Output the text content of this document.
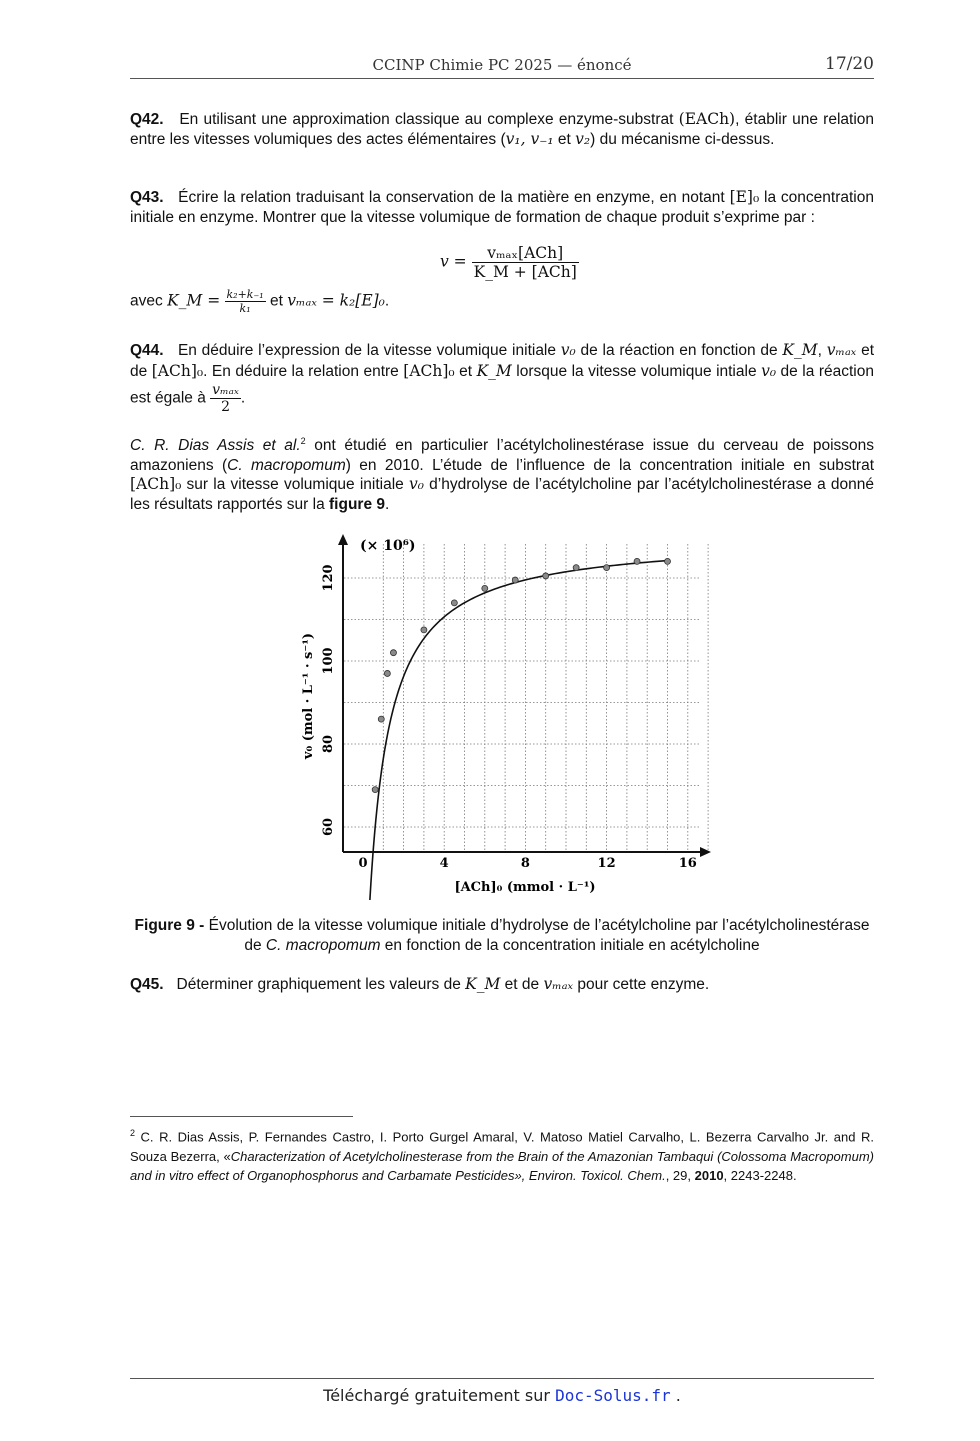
CCINP Chimie PC 2025 — énoncé	17/20
Q42. En utilisant une approximation classique au complexe enzyme-substrat (EACh), établir une relation entre les vitesses volumiques des actes élémentaires (v₁, v₋₁ et v₂) du mécanisme ci-dessus.
Q43. Écrire la relation traduisant la conservation de la matière en enzyme, en notant [E]₀ la concentration initiale en enzyme. Montrer que la vitesse volumique de formation de chaque produit s’exprime par :
$v = \frac{\text{vₘₐₓ[ACh]}}{\text{K\_M + [ACh]}}$
avec K_M = $\frac{\text{k₂+k₋₁}}{\text{k₁}}$ et vₘₐₓ = k₂[E]₀.
Q44. En déduire l’expression de la vitesse volumique initiale v₀ de la réaction en fonction de K_M, vₘₐₓ et de [ACh]₀. En déduire la relation entre [ACh]₀ et K_M lorsque la vitesse volumique intiale v₀ de la réaction est égale à $\frac{\text{vₘₐₓ}}{2}$ .
C. R. Dias Assis et al.$^2$ ont étudié en particulier l’acétylcholinestérase issue du cerveau de poissons amazoniens (C. macropomum) en 2010. L’étude de l’influence de la concentration initiale en substrat [ACh]₀ sur la vitesse volumique initiale v₀ d’hydrolyse de l’acétylcholine par l’acétylcholinestérase a donné les résultats rapportés sur la figure 9.
0	4	8	12	16
60
80
100
120
(× 10⁶)
v₀ (mol · L⁻¹ · s⁻¹)
[ACh]₀ (mmol · L⁻¹)
Figure 9 - Évolution de la vitesse volumique initiale d’hydrolyse de l’acétylcholine par l’acétylcholinestérase de C. macropomum en fonction de la concentration initiale en acétylcholine
Q45. Déterminer graphiquement les valeurs de K_M et de vₘₐₓ pour cette enzyme.
$^2$ C. R. Dias Assis, P. Fernandes Castro, I. Porto Gurgel Amaral, V. Matoso Matiel Carvalho, L. Bezerra Carvalho Jr. and R. Souza Bezerra, «Characterization of Acetylcholinesterase from the Brain of the Amazonian Tambaqui (Colossoma Macropomum) and in vitro effect of Organophosphorus and Carbamate Pesticides», Environ. Toxicol. Chem., 29, 2010, 2243-2248.
Téléchargé gratuitement sur Doc-Solus.fr .
